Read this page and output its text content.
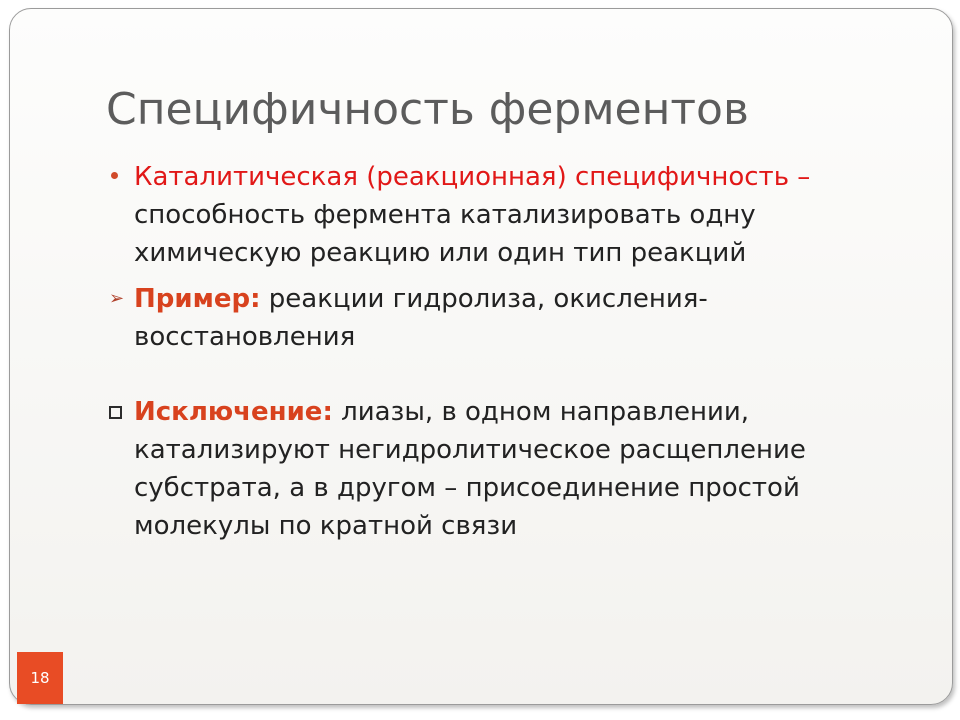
Специфичность ферментов

Каталитическая (реакционная) специфичность – способность фермента катализировать одну химическую реакцию или один тип реакций

➢ Пример: реакции гидролиза, окисления-восстановления

Исключение: лиазы, в одном направлении, катализируют негидролитическое расщепление субстрата, а в другом – присоединение простой молекулы по кратной связи

18
